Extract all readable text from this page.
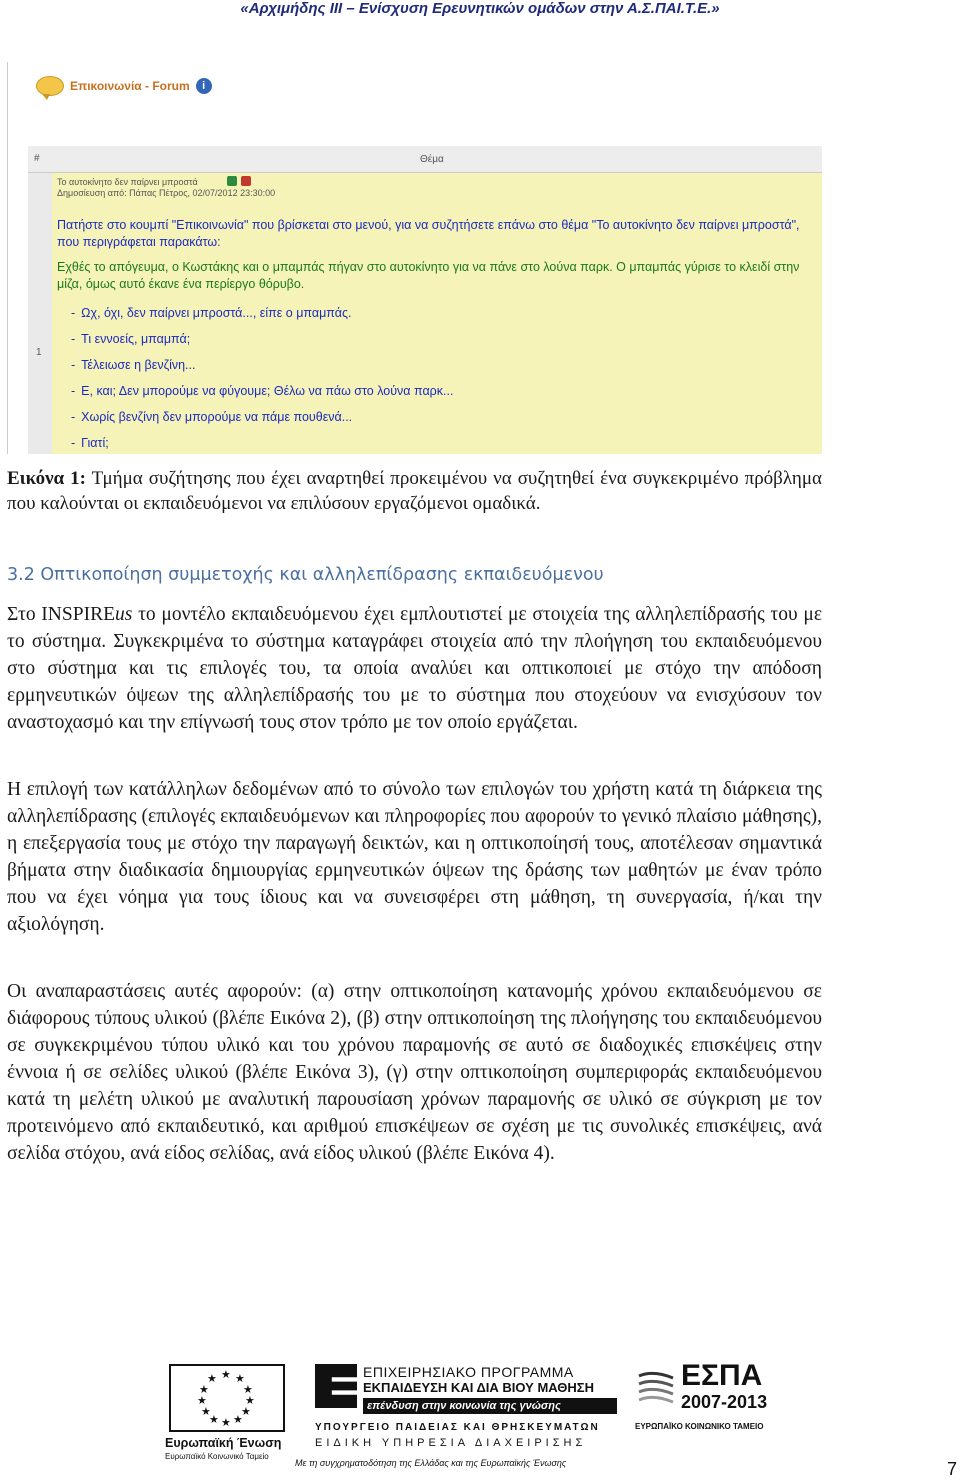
«Αρχιμήδης ΙΙΙ – Ενίσχυση Ερευνητικών ομάδων στην Α.Σ.ΠΑΙ.Τ.Ε.»
Επικοινωνία - Forum	i
#	Θέμα
1
Το αυτοκίνητο δεν παίρνει μπροστά
Δημοσίευση από: Πάπας Πέτρος, 02/07/2012 23:30:00
Πατήστε στο κουμπί "Επικοινωνία" που βρίσκεται στο μενού, για να συζητήσετε επάνω στο θέμα "Το αυτοκίνητο δεν παίρνει μπροστά", που περιγράφεται παρακάτω:
Εχθές το απόγευμα, ο Κωστάκης και ο μπαμπάς πήγαν στο αυτοκίνητο για να πάνε στο λούνα παρκ. Ο μπαμπάς γύρισε το κλειδί στην μίζα, όμως αυτό έκανε ένα περίεργο θόρυβο.
- Ωχ, όχι, δεν παίρνει μπροστά..., είπε ο μπαμπάς.
- Τι εννοείς, μπαμπά;
- Τέλειωσε η βενζίνη...
- Ε, και; Δεν μπορούμε να φύγουμε; Θέλω να πάω στο λούνα παρκ...
- Χωρίς βενζίνη δεν μπορούμε να πάμε πουθενά...
- Γιατί;
Εικόνα 1: Τμήμα συζήτησης που έχει αναρτηθεί προκειμένου να συζητηθεί ένα συγκεκριμένο πρόβλημα που καλούνται οι εκπαιδευόμενοι να επιλύσουν εργαζόμενοι ομαδικά.
3.2 Οπτικοποίηση συμμετοχής και αλληλεπίδρασης εκπαιδευόμενου
Στο INSPIREus το μοντέλο εκπαιδευόμενου έχει εμπλουτιστεί με στοιχεία της αλληλεπίδρασής του με το σύστημα. Συγκεκριμένα το σύστημα καταγράφει στοιχεία από την πλοήγηση του εκπαιδευόμενου στο σύστημα και τις επιλογές του, τα οποία αναλύει και οπτικοποιεί με στόχο την απόδοση ερμηνευτικών όψεων της αλληλεπίδρασής του με το σύστημα που στοχεύουν να ενισχύσουν τον αναστοχασμό και την επίγνωσή τους στον τρόπο με τον οποίο εργάζεται.
Η επιλογή των κατάλληλων δεδομένων από το σύνολο των επιλογών του χρήστη κατά τη διάρκεια της αλληλεπίδρασης (επιλογές εκπαιδευόμενων και πληροφορίες που αφορούν το γενικό πλαίσιο μάθησης), η επεξεργασία τους με στόχο την παραγωγή δεικτών, και η οπτικοποίησή τους, αποτέλεσαν σημαντικά βήματα στην διαδικασία δημιουργίας ερμηνευτικών όψεων της δράσης των μαθητών με έναν τρόπο που να έχει νόημα για τους ίδιους και να συνεισφέρει στη μάθηση, τη συνεργασία, ή/και την αξιολόγηση.
Οι αναπαραστάσεις αυτές αφορούν: (α) στην οπτικοποίηση κατανομής χρόνου εκπαιδευόμενου σε διάφορους τύπους υλικού (βλέπε Εικόνα 2), (β) στην οπτικοποίηση της πλοήγησης του εκπαιδευόμενου σε συγκεκριμένου τύπου υλικό και του χρόνου παραμονής σε αυτό σε διαδοχικές επισκέψεις στην έννοια ή σε σελίδες υλικού (βλέπε Εικόνα 3), (γ) στην οπτικοποίηση συμπεριφοράς εκπαιδευόμενου κατά τη μελέτη υλικού με αναλυτική παρουσίαση χρόνων παραμονής σε υλικό σε σύγκριση με τον προτεινόμενο από εκπαιδευτικό, και αριθμού επισκέψεων σε σχέση με τις συνολικές επισκέψεις, ανά σελίδα στόχου, ανά είδος σελίδας, ανά είδος υλικού (βλέπε Εικόνα 4).
★ ★
★
★
★
★
★
★
★
★
★
★
Ευρωπαϊκή Ένωση
Ευρωπαϊκό Κοινωνικό Ταμείο
ΕΠΙΧΕΙΡΗΣΙΑΚΟ ΠΡΟΓΡΑΜΜΑ
ΕΚΠΑΙΔΕΥΣΗ ΚΑΙ ΔΙΑ ΒΙΟΥ ΜΑΘΗΣΗ
επένδυση στην κοινωνία της γνώσης
ΥΠΟΥΡΓΕΙΟ ΠΑΙΔΕΙΑΣ ΚΑΙ ΘΡΗΣΚΕΥΜΑΤΩΝ
ΕΙΔΙΚΗ ΥΠΗΡΕΣΙΑ ΔΙΑΧΕΙΡΙΣΗΣ
ΕΣΠΑ
2007-2013
ΕΥΡΩΠΑΪΚΟ ΚΟΙΝΩΝΙΚΟ ΤΑΜΕΙΟ
Με τη συγχρηματοδότηση της Ελλάδας και της Ευρωπαϊκής Ένωσης	7
